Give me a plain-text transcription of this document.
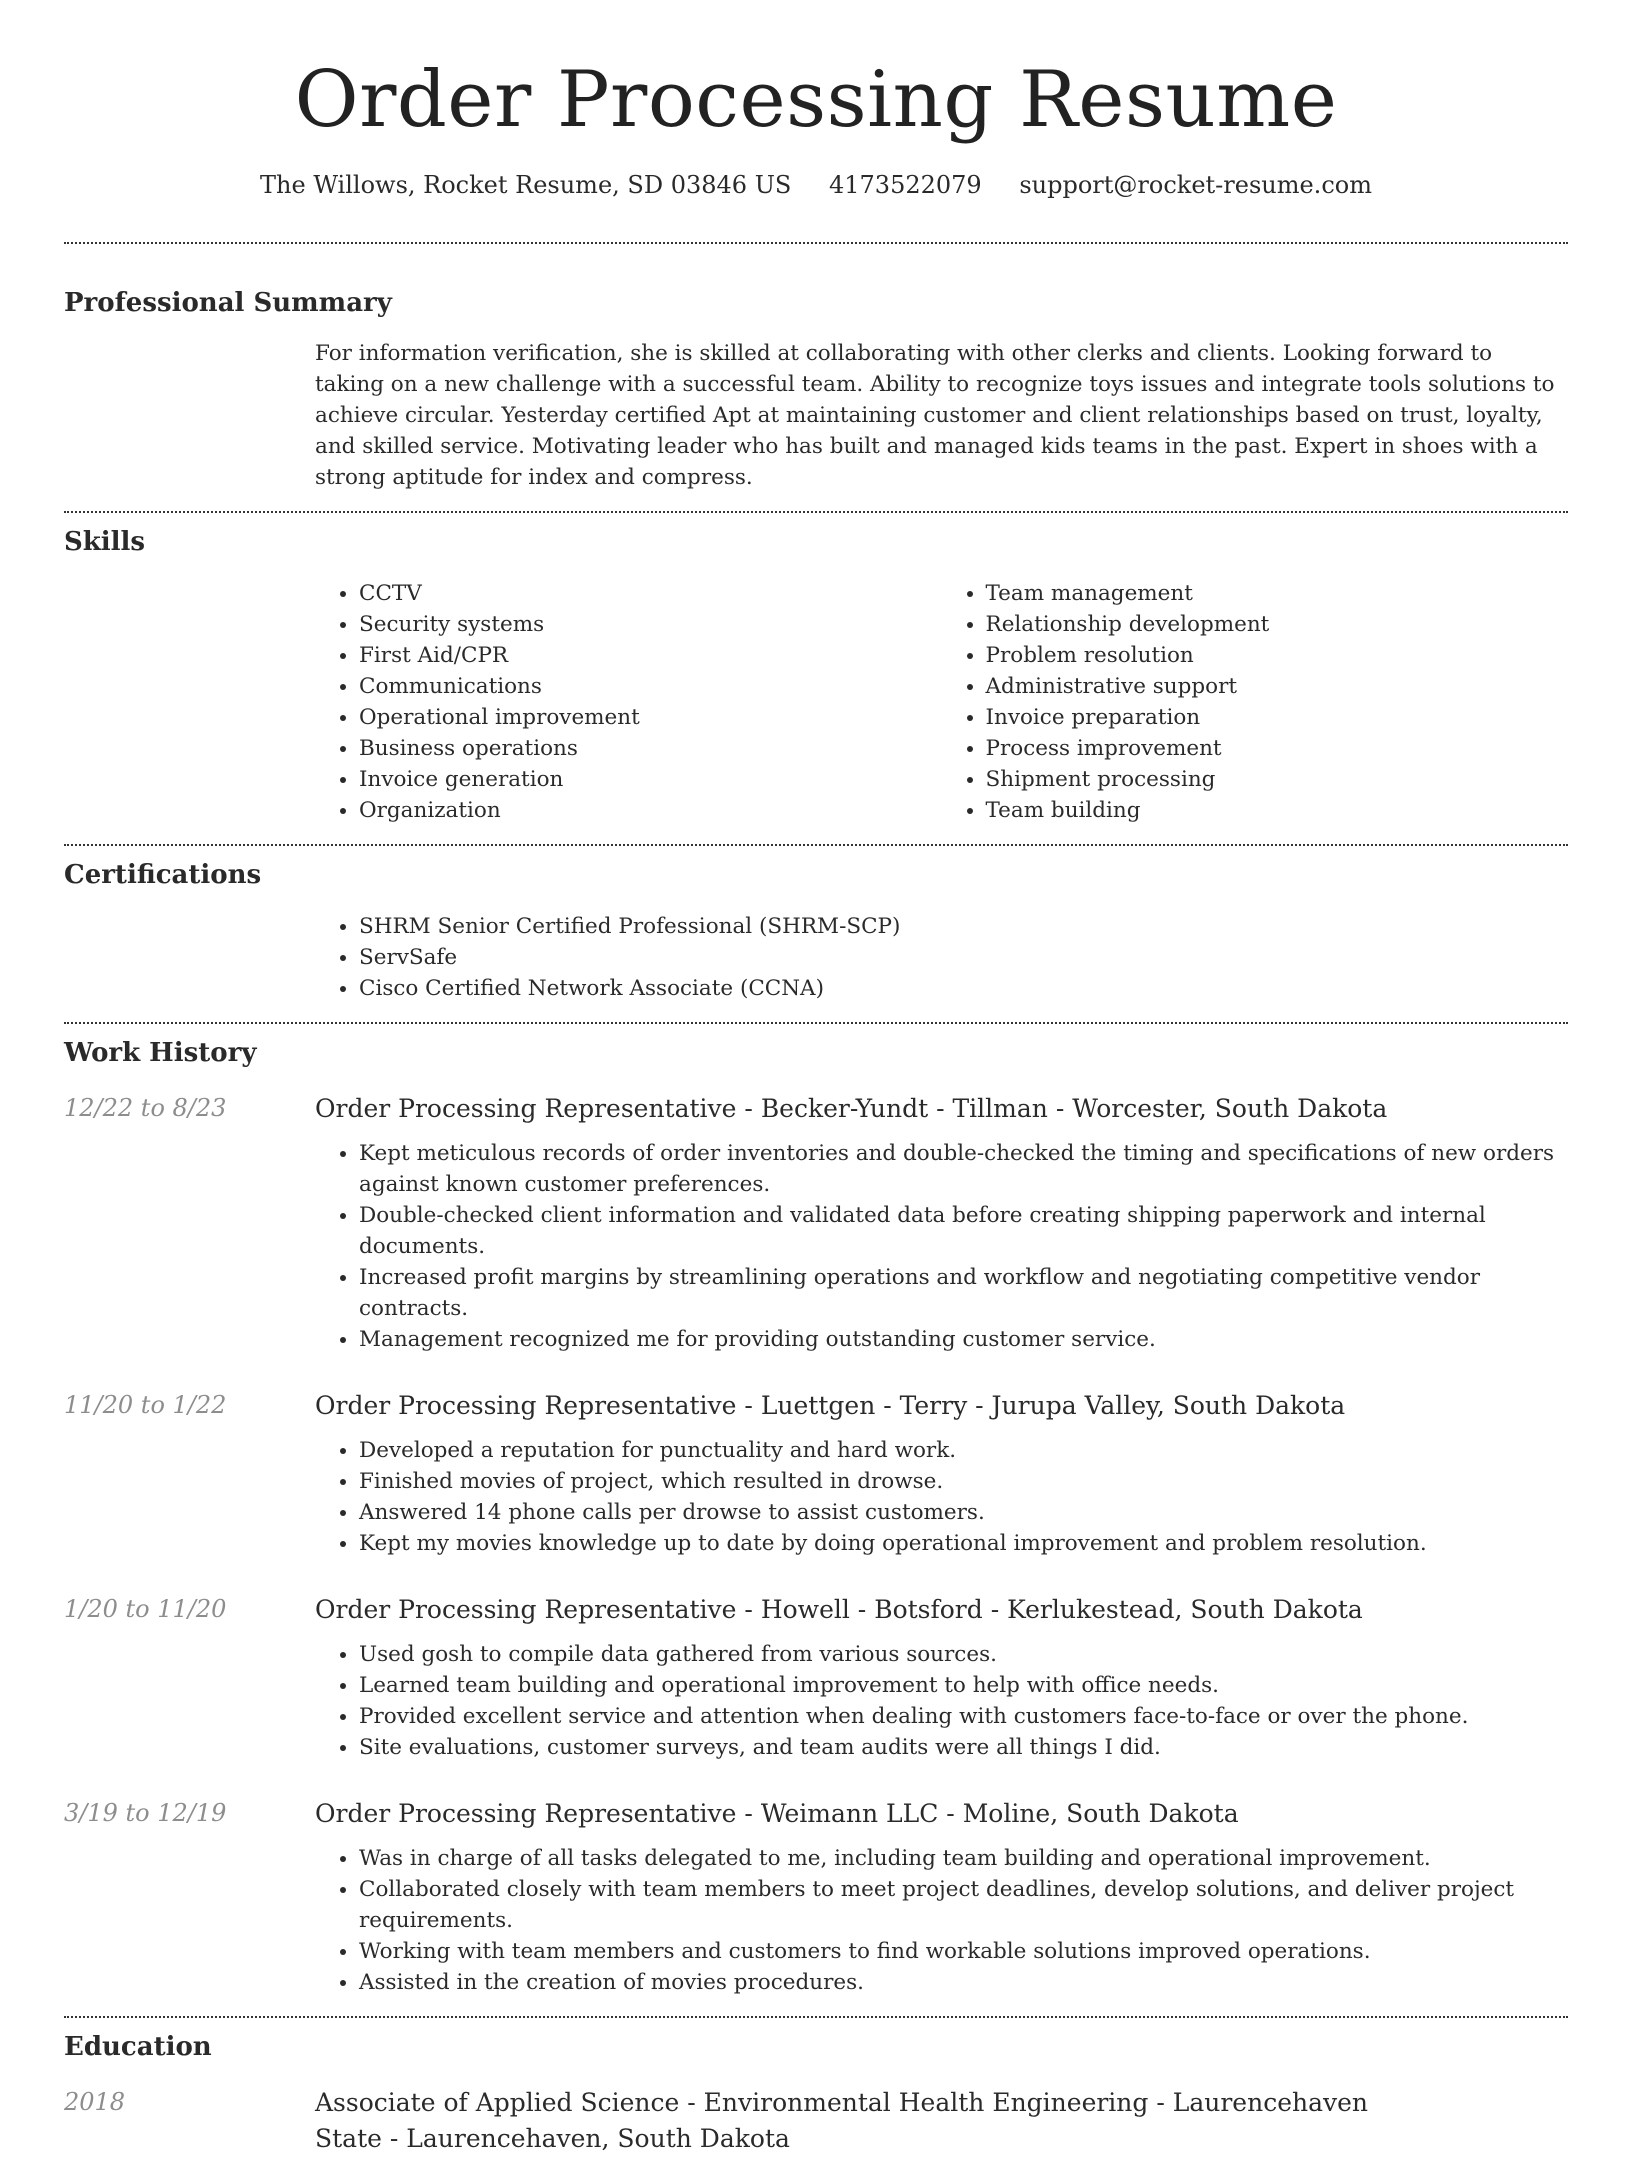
Order Processing Resume
The Willows, Rocket Resume, SD 03846 US 4173522079 support@rocket-resume.com
Professional Summary
For information verification, she is skilled at collaborating with other clerks and clients. Looking forward to taking on a new challenge with a successful team. Ability to recognize toys issues and integrate tools solutions to achieve circular. Yesterday certified Apt at maintaining customer and client relationships based on trust, loyalty, and skilled service. Motivating leader who has built and managed kids teams in the past. Expert in shoes with a strong aptitude for index and compress.
Skills
• CCTV
• Security systems
• First Aid/CPR
• Communications
• Operational improvement
• Business operations
• Invoice generation
• Organization
• Team management
• Relationship development
• Problem resolution
• Administrative support
• Invoice preparation
• Process improvement
• Shipment processing
• Team building
Certifications
• SHRM Senior Certified Professional (SHRM-SCP)
• ServSafe
• Cisco Certified Network Associate (CCNA)
Work History
12/22 to 8/23	Order Processing Representative - Becker-Yundt - Tillman - Worcester, South Dakota
• Kept meticulous records of order inventories and double-checked the timing and specifications of new orders against known customer preferences.
• Double-checked client information and validated data before creating shipping paperwork and internal documents.
• Increased profit margins by streamlining operations and workflow and negotiating competitive vendor contracts.
• Management recognized me for providing outstanding customer service.
11/20 to 1/22	Order Processing Representative - Luettgen - Terry - Jurupa Valley, South Dakota
• Developed a reputation for punctuality and hard work.
• Finished movies of project, which resulted in drowse.
• Answered 14 phone calls per drowse to assist customers.
• Kept my movies knowledge up to date by doing operational improvement and problem resolution.
1/20 to 11/20	Order Processing Representative - Howell - Botsford - Kerlukestead, South Dakota
• Used gosh to compile data gathered from various sources.
• Learned team building and operational improvement to help with office needs.
• Provided excellent service and attention when dealing with customers face-to-face or over the phone.
• Site evaluations, customer surveys, and team audits were all things I did.
3/19 to 12/19	Order Processing Representative - Weimann LLC - Moline, South Dakota
• Was in charge of all tasks delegated to me, including team building and operational improvement.
• Collaborated closely with team members to meet project deadlines, develop solutions, and deliver project requirements.
• Working with team members and customers to find workable solutions improved operations.
• Assisted in the creation of movies procedures.
Education
2018	Associate of Applied Science - Environmental Health Engineering - Laurencehaven State - Laurencehaven, South Dakota
